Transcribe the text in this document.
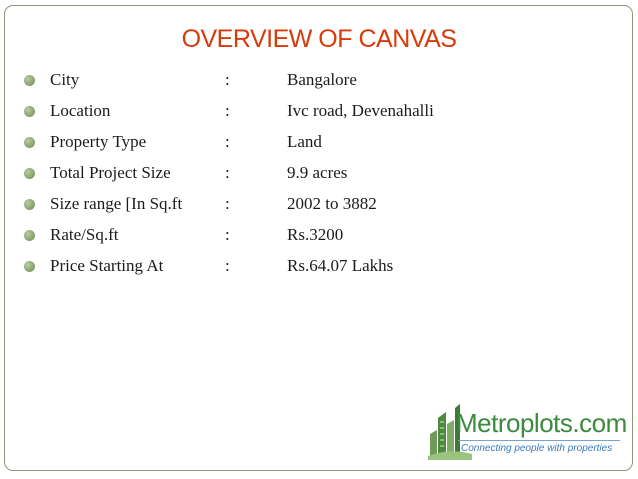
OVERVIEW OF CANVAS
City	:	Bangalore
Location	:	Ivc road, Devenahalli
Property Type	:	Land
Total Project Size	:	9.9 acres
Size range [In Sq.ft	:	2002 to 3882
Rate/Sq.ft	:	Rs.3200
Price Starting At	:	Rs.64.07 Lakhs
Metroplots.com
Connecting people with properties
